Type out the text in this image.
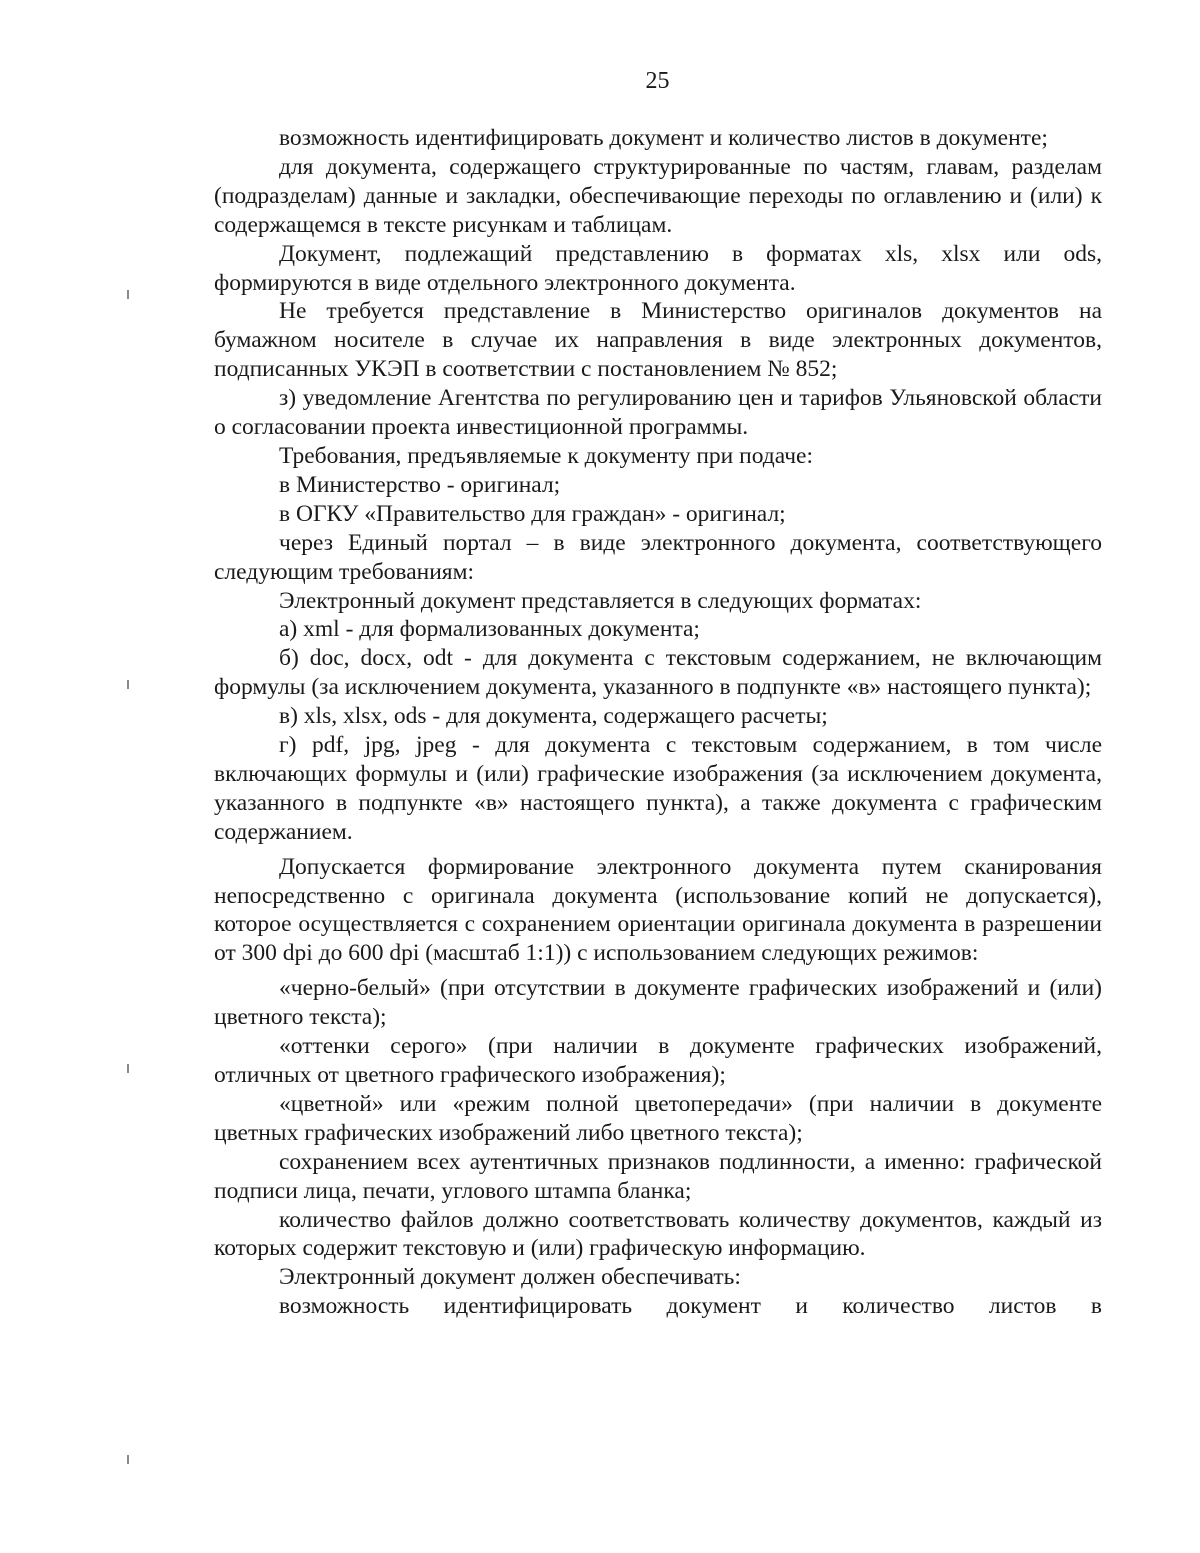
25

возможность идентифицировать документ и количество листов в документе;

для документа, содержащего структурированные по частям, главам, разделам (подразделам) данные и закладки, обеспечивающие переходы по оглавлению и (или) к содержащемся в тексте рисункам и таблицам.

Документ, подлежащий представлению в форматах xls, xlsx или ods, формируются в виде отдельного электронного документа.

Не требуется представление в Министерство оригиналов документов на бумажном носителе в случае их направления в виде электронных документов, подписанных УКЭП в соответствии с постановлением № 852;

з) уведомление Агентства по регулированию цен и тарифов Ульяновской области о согласовании проекта инвестиционной программы.

Требования, предъявляемые к документу при подаче:

в Министерство - оригинал;

в ОГКУ «Правительство для граждан» - оригинал;

через Единый портал – в виде электронного документа, соответствующего следующим требованиям:

Электронный документ представляется в следующих форматах:

а) xml - для формализованных документа;

б) doc, docx, odt - для документа с текстовым содержанием, не включающим формулы (за исключением документа, указанного в подпункте «в» настоящего пункта);

в) xls, xlsx, ods - для документа, содержащего расчеты;

г) pdf, jpg, jpeg - для документа с текстовым содержанием, в том числе включающих формулы и (или) графические изображения (за исключением документа, указанного в подпункте «в» настоящего пункта), а также документа с графическим содержанием.

Допускается формирование электронного документа путем сканирования непосредственно с оригинала документа (использование копий не допускается), которое осуществляется с сохранением ориентации оригинала документа в разрешении от 300 dpi до 600 dpi (масштаб 1:1)) с использованием следующих режимов:

«черно-белый» (при отсутствии в документе графических изображений и (или) цветного текста);

«оттенки серого» (при наличии в документе графических изображений, отличных от цветного графического изображения);

«цветной» или «режим полной цветопередачи» (при наличии в документе цветных графических изображений либо цветного текста);

сохранением всех аутентичных признаков подлинности, а именно: графической подписи лица, печати, углового штампа бланка;

количество файлов должно соответствовать количеству документов, каждый из которых содержит текстовую и (или) графическую информацию.

Электронный документ должен обеспечивать:

возможность идентифицировать документ и количество листов в
